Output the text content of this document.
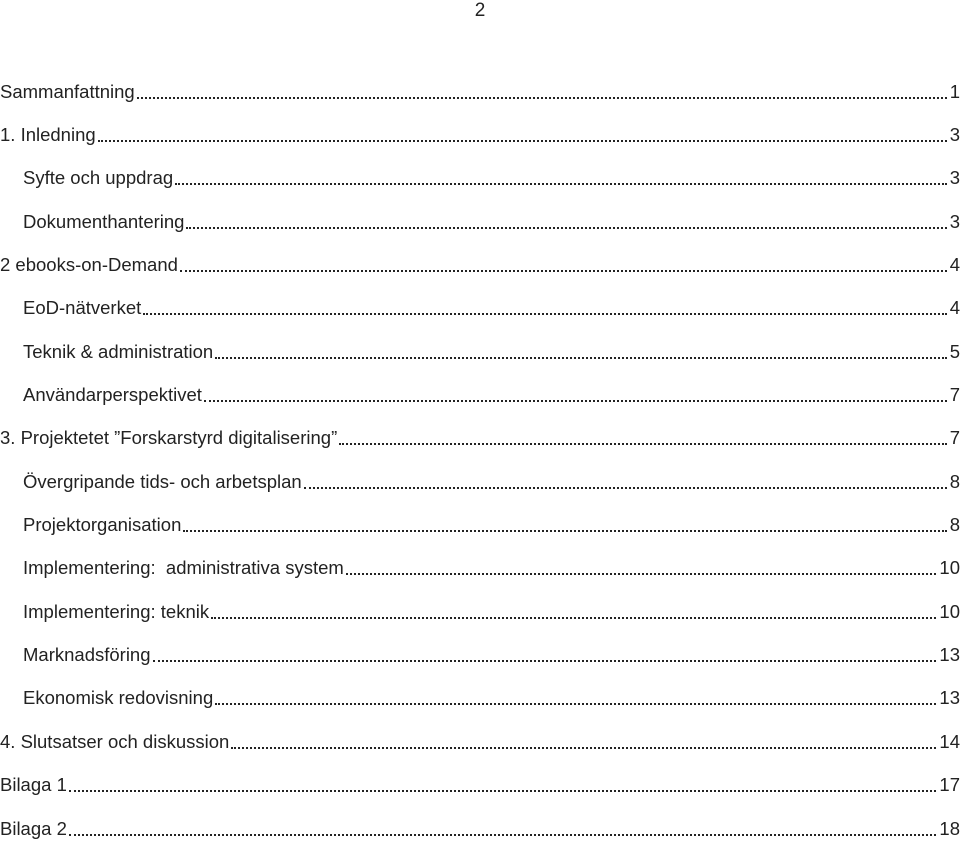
2
Sammanfattning	1
1. Inledning	3
Syfte och uppdrag	3
Dokumenthantering	3
2 ebooks-on-Demand	4
EoD-nätverket	4
Teknik & administration	5
Användarperspektivet	7
3. Projektetet ”Forskarstyrd digitalisering”	7
Övergripande tids- och arbetsplan	8
Projektorganisation	8
Implementering:  administrativa system	10
Implementering: teknik	10
Marknadsföring	13
Ekonomisk redovisning	13
4. Slutsatser och diskussion	14
Bilaga 1	17
Bilaga 2	18
